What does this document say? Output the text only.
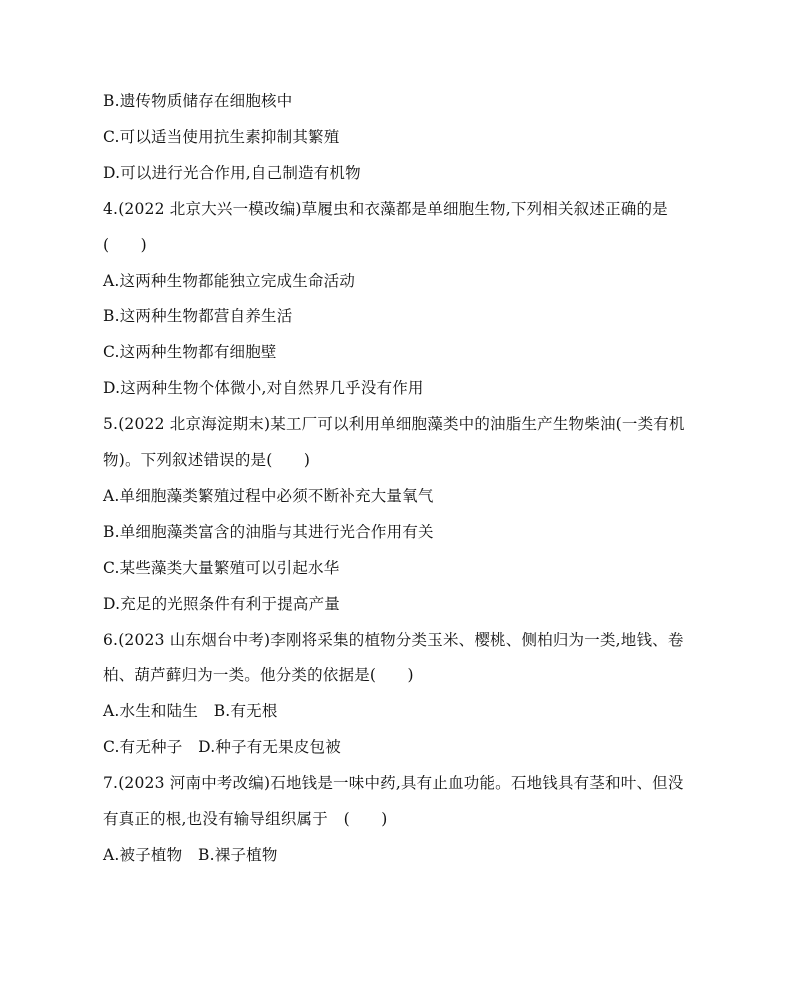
B.遗传物质储存在细胞核中
C.可以适当使用抗生素抑制其繁殖
D.可以进行光合作用,自己制造有机物
4.(2022 北京大兴一模改编)草履虫和衣藻都是单细胞生物,下列相关叙述正确的是
(　　)
A.这两种生物都能独立完成生命活动
B.这两种生物都营自养生活
C.这两种生物都有细胞壁
D.这两种生物个体微小,对自然界几乎没有作用
5.(2022 北京海淀期末)某工厂可以利用单细胞藻类中的油脂生产生物柴油(一类有机
物)。下列叙述错误的是(　　)
A.单细胞藻类繁殖过程中必须不断补充大量氧气
B.单细胞藻类富含的油脂与其进行光合作用有关
C.某些藻类大量繁殖可以引起水华
D.充足的光照条件有利于提高产量
6.(2023 山东烟台中考)李刚将采集的植物分类玉米、樱桃、侧柏归为一类,地钱、卷
柏、葫芦藓归为一类。他分类的依据是(　　)
A.水生和陆生　B.有无根
C.有无种子　D.种子有无果皮包被
7.(2023 河南中考改编)石地钱是一味中药,具有止血功能。石地钱具有茎和叶、但没
有真正的根,也没有输导组织属于　(　　)
A.被子植物　B.裸子植物
